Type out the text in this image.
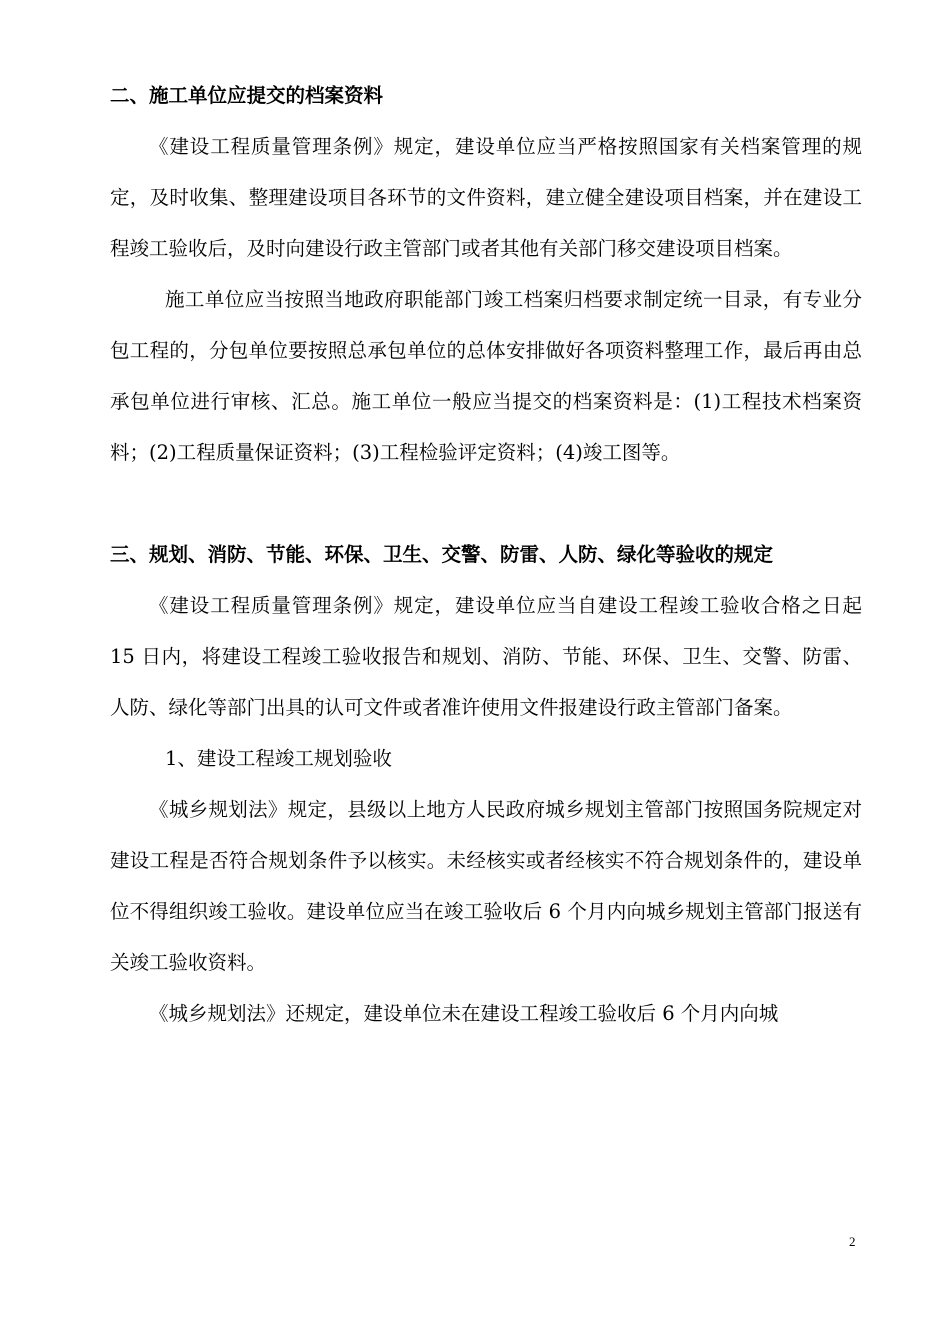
二、施工单位应提交的档案资料

《建设工程质量管理条例》规定，建设单位应当严格按照国家有关档案管理的规定，及时收集、整理建设项目各环节的文件资料，建立健全建设项目档案，并在建设工程竣工验收后，及时向建设行政主管部门或者其他有关部门移交建设项目档案。

施工单位应当按照当地政府职能部门竣工档案归档要求制定统一目录，有专业分包工程的，分包单位要按照总承包单位的总体安排做好各项资料整理工作，最后再由总承包单位进行审核、汇总。施工单位一般应当提交的档案资料是：(1)工程技术档案资料；(2)工程质量保证资料；(3)工程检验评定资料；(4)竣工图等。

三、规划、消防、节能、环保、卫生、交警、防雷、人防、绿化等验收的规定

《建设工程质量管理条例》规定，建设单位应当自建设工程竣工验收合格之日起 15 日内，将建设工程竣工验收报告和规划、消防、节能、环保、卫生、交警、防雷、人防、绿化等部门出具的认可文件或者准许使用文件报建设行政主管部门备案。

1、建设工程竣工规划验收

《城乡规划法》规定，县级以上地方人民政府城乡规划主管部门按照国务院规定对建设工程是否符合规划条件予以核实。未经核实或者经核实不符合规划条件的，建设单位不得组织竣工验收。建设单位应当在竣工验收后 6 个月内向城乡规划主管部门报送有关竣工验收资料。

《城乡规划法》还规定，建设单位未在建设工程竣工验收后 6 个月内向城

2
